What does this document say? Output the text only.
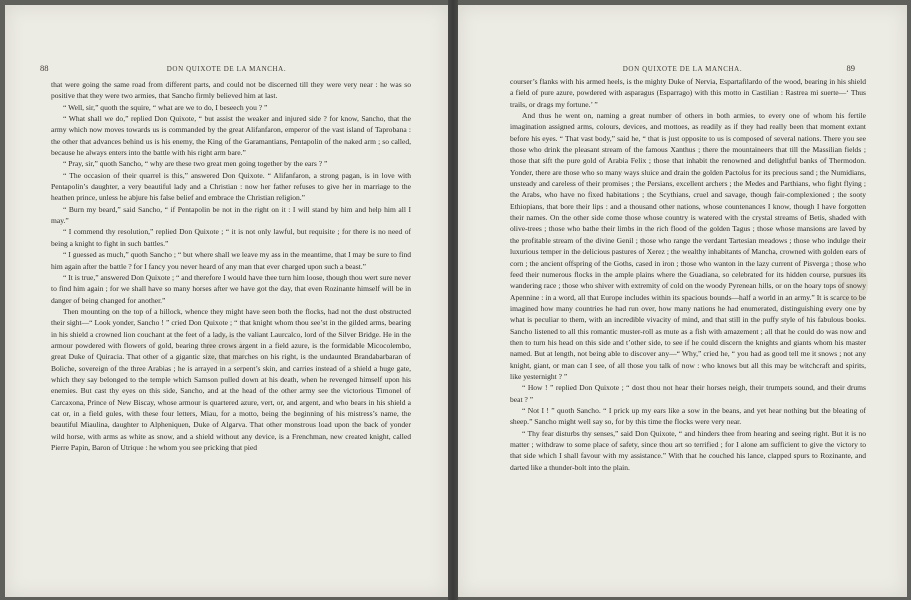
88	DON QUIXOTE DE LA MANCHA.

that were going the same road from different parts, and could not be discerned till they were very near : he was so positive that they were two armies, that Sancho firmly believed him at last.

“ Well, sir,” quoth the squire, “ what are we to do, I beseech you ? ”

“ What shall we do,” replied Don Quixote, “ but assist the weaker and injured side ? for know, Sancho, that the army which now moves towards us is commanded by the great Alifanfaron, emperor of the vast island of Taprobana : the other that advances behind us is his enemy, the King of the Garamantians, Pentapolin of the naked arm ; so called, because he always enters into the battle with his right arm bare.”

“ Pray, sir,” quoth Sancho, “ why are these two great men going together by the ears ? ”

“ The occasion of their quarrel is this,” answered Don Quixote. “ Alifanfaron, a strong pagan, is in love with Pentapolin’s daughter, a very beautiful lady and a Christian : now her father refuses to give her in marriage to the heathen prince, unless he abjure his false belief and embrace the Christian religion.”

“ Burn my beard,” said Sancho, “ if Pentapolin be not in the right on it : I will stand by him and help him all I may.”

“ I commend thy resolution,” replied Don Quixote ; “ it is not only lawful, but requisite ; for there is no need of being a knight to fight in such battles.”

“ I guessed as much,” quoth Sancho ; “ but where shall we leave my ass in the meantime, that I may be sure to find him again after the battle ? for I fancy you never heard of any man that ever charged upon such a beast.”

“ It is true,” answered Don Quixote ; “ and therefore I would have thee turn him loose, though thou wert sure never to find him again ; for we shall have so many horses after we have got the day, that even Rozinante himself will be in danger of being changed for another.”

Then mounting on the top of a hillock, whence they might have seen both the flocks, had not the dust obstructed their sight—“ Look yonder, Sancho ! ” cried Don Quixote ; “ that knight whom thou see’st in the gilded arms, bearing in his shield a crowned lion couchant at the feet of a lady, is the valiant Laurcalco, lord of the Silver Bridge. He in the armour powdered with flowers of gold, bearing three crows argent in a field azure, is the formidable Micocolembo, great Duke of Quiracia. That other of a gigantic size, that marches on his right, is the undaunted Brandabarbaran of Boliche, sovereign of the three Arabias ; he is arrayed in a serpent’s skin, and carries instead of a shield a huge gate, which they say belonged to the temple which Samson pulled down at his death, when he revenged himself upon his enemies. But cast thy eyes on this side, Sancho, and at the head of the other army see the victorious Timonel of Carcaxona, Prince of New Biscay, whose armour is quartered azure, vert, or, and argent, and who bears in his shield a cat or, in a field gules, with these four letters, Miau, for a motto, being the beginning of his mistress’s name, the beautiful Miaulina, daughter to Alpheniquen, Duke of Algarva. That other monstrous load upon the back of yonder wild horse, with arms as white as snow, and a shield without any device, is a Frenchman, new created knight, called Pierre Papin, Baron of Utrique : he whom you see pricking that pied

DON QUIXOTE DE LA MANCHA.	89

courser’s flanks with his armed heels, is the mighty Duke of Nervia, Espartafilardo of the wood, bearing in his shield a field of pure azure, powdered with asparagus (Esparrago) with this motto in Castilian : Rastrea mi suerte—‘ Thus trails, or drags my fortune.’ ”

And thus he went on, naming a great number of others in both armies, to every one of whom his fertile imagination assigned arms, colours, devices, and mottoes, as readily as if they had really been that moment extant before his eyes. “ That vast body,” said he, “ that is just opposite to us is composed of several nations. There you see those who drink the pleasant stream of the famous Xanthus ; there the mountaineers that till the Massilian fields ; those that sift the pure gold of Arabia Felix ; those that inhabit the renowned and delightful banks of Thermodon. Yonder, there are those who so many ways sluice and drain the golden Pactolus for its precious sand ; the Numidians, unsteady and careless of their promises ; the Persians, excellent archers ; the Medes and Parthians, who fight flying ; the Arabs, who have no fixed habitations ; the Scythians, cruel and savage, though fair-complexioned ; the sooty Ethiopians, that bore their lips : and a thousand other nations, whose countenances I know, though I have forgotten their names. On the other side come those whose country is watered with the crystal streams of Betis, shaded with olive-trees ; those who bathe their limbs in the rich flood of the golden Tagus ; those whose mansions are laved by the profitable stream of the divine Genil ; those who range the verdant Tartesian meadows ; those who indulge their luxurious temper in the delicious pastures of Xerez ; the wealthy inhabitants of Mancha, crowned with golden ears of corn ; the ancient offspring of the Goths, cased in iron ; those who wanton in the lazy current of Pisverga ; those who feed their numerous flocks in the ample plains where the Guadiana, so celebrated for its hidden course, pursues its wandering race ; those who shiver with extremity of cold on the woody Pyrenean hills, or on the hoary tops of snowy Apennine : in a word, all that Europe includes within its spacious bounds—half a world in an army.” It is scarce to be imagined how many countries he had run over, how many nations he had enumerated, distinguishing every one by what is peculiar to them, with an incredible vivacity of mind, and that still in the puffy style of his fabulous books. Sancho listened to all this romantic muster-roll as mute as a fish with amazement ; all that he could do was now and then to turn his head on this side and t’other side, to see if he could discern the knights and giants whom his master named. But at length, not being able to discover any—“ Why,” cried he, “ you had as good tell me it snows ; not any knight, giant, or man can I see, of all those you talk of now : who knows but all this may be witchcraft and spirits, like yesternight ? ”

“ How ! ” replied Don Quixote ; “ dost thou not hear their horses neigh, their trumpets sound, and their drums beat ? ”

“ Not I ! ” quoth Sancho. “ I prick up my ears like a sow in the beans, and yet hear nothing but the bleating of sheep.” Sancho might well say so, for by this time the flocks were very near.

“ Thy fear disturbs thy senses,” said Don Quixote, “ and hinders thee from hearing and seeing right. But it is no matter ; withdraw to some place of safety, since thou art so terrified ; for I alone am sufficient to give the victory to that side which I shall favour with my assistance.” With that he couched his lance, clapped spurs to Rozinante, and darted like a thunder-bolt into the plain.

·
